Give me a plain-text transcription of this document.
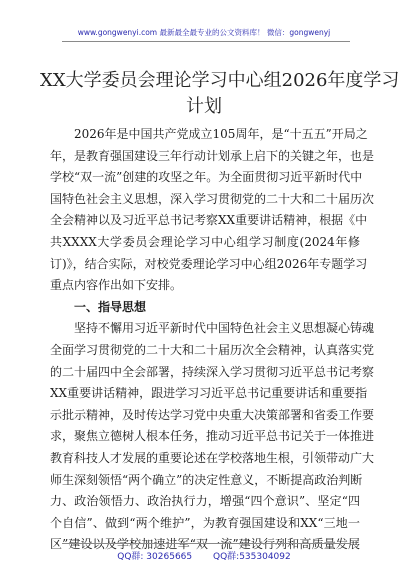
www.gongwenyi.com 最新最全最专业的公文资料库！ 微信：gongwenyj
XX大学委员会理论学习中心组2026年度学习
计划
2026年是中国共产党成立105周年，是“十五五”开局之
年，是教育强国建设三年行动计划承上启下的关键之年，也是
学校“双一流”创建的攻坚之年。为全面贯彻习近平新时代中
国特色社会主义思想，深入学习贯彻党的二十大和二十届历次
全会精神以及习近平总书记考察XX重要讲话精神，根据《中
共XXXX大学委员会理论学习中心组学习制度(2024年修
订)》，结合实际，对校党委理论学习中心组2026年专题学习
重点内容作出如下安排。
一、指导思想
坚持不懈用习近平新时代中国特色社会主义思想凝心铸魂
全面学习贯彻党的二十大和二十届历次全会精神，认真落实党
的二十届四中全会部署，持续深入学习贯彻习近平总书记考察
XX重要讲话精神，跟进学习习近平总书记重要讲话和重要指
示批示精神，及时传达学习党中央重大决策部署和省委工作要
求，聚焦立德树人根本任务，推动习近平总书记关于一体推进
教育科技人才发展的重要论述在学校落地生根，引领带动广大
师生深刻领悟“两个确立”的决定性意义，不断提高政治判断
力、政治领悟力、政治执行力，增强“四个意识”、坚定“四
个自信”、做到“两个维护”，为教育强国建设和XX“三地一
区”建设以及学校加速进军“双一流”建设行列和高质量发展
QQ群: 30265665 QQ群:535304092
